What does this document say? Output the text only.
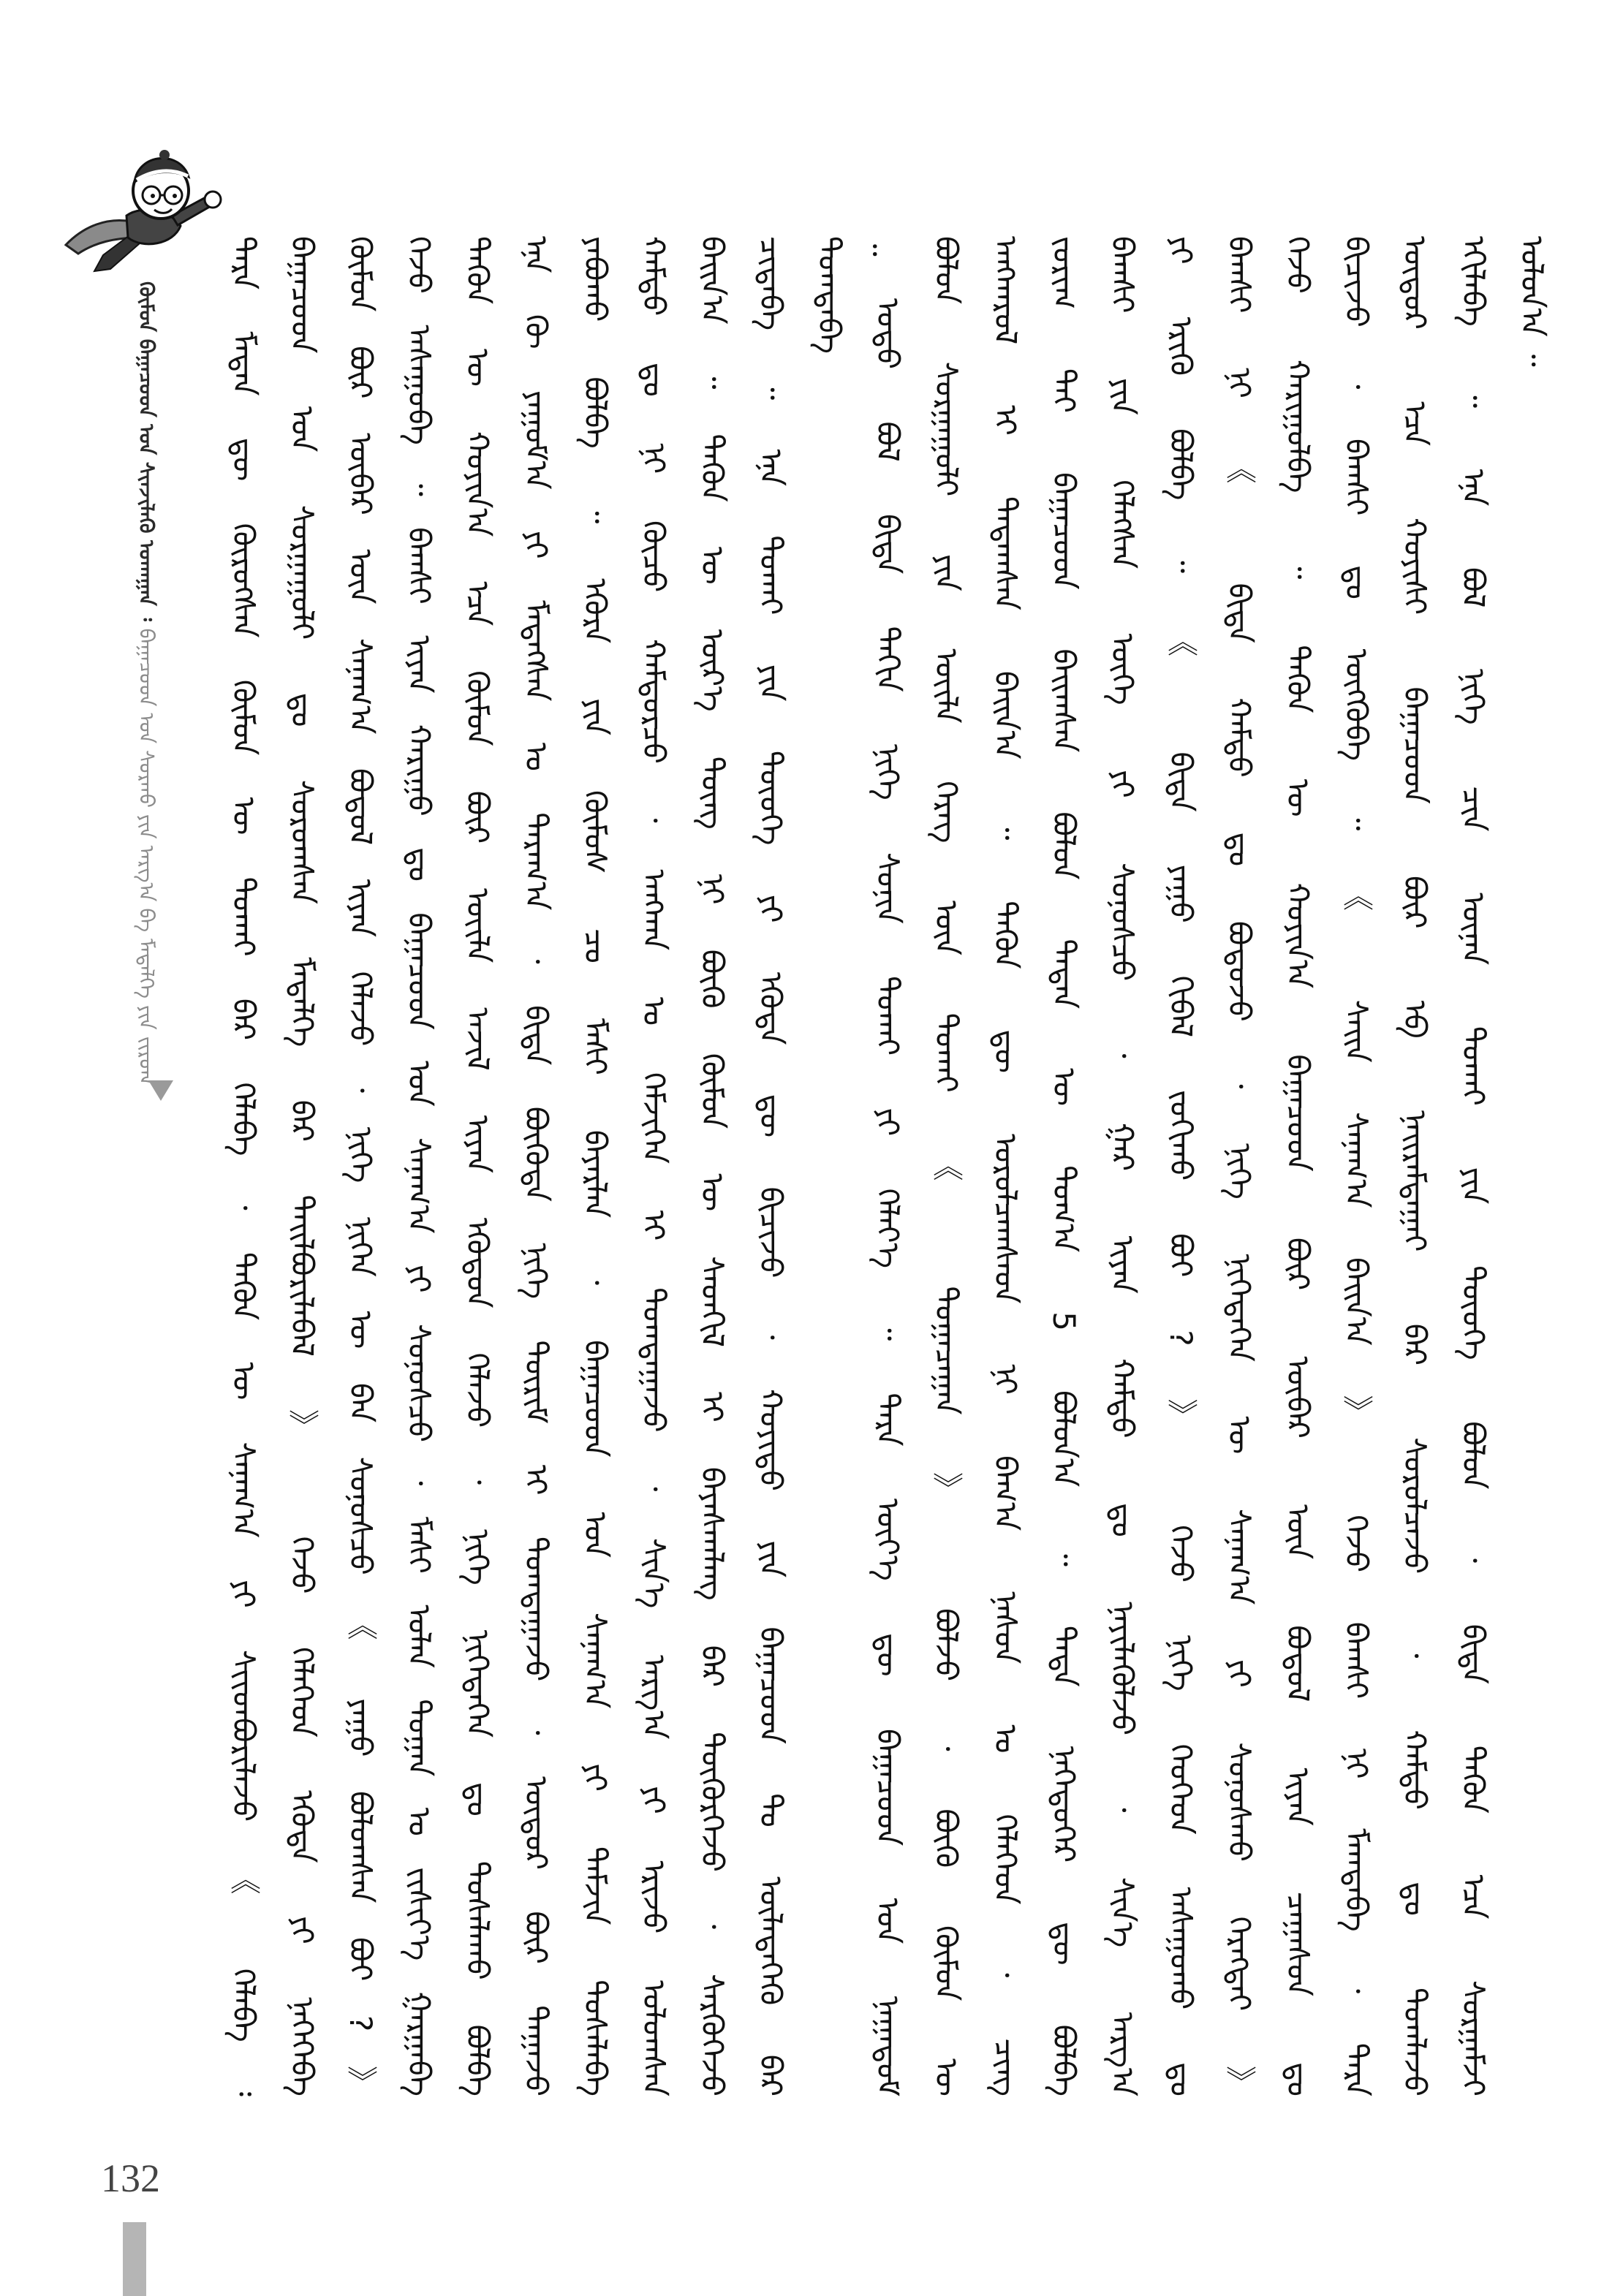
ᠬᠦᠮᠦᠨ ᠪᠠᠭᠠᠴᠤᠳ ᠤᠨ ᠰᠢᠨᠵᠢᠯᠡᠬᠦ ᠤᠬᠠᠭᠠᠨ ᠄ ᠪᠠᠭᠠᠴᠤᠳ ᠤᠨ ᠰᠤᠷᠬᠤ ᠶᠢᠨ ᠠᠷᠭ᠎ᠠ ᠪᠠ ᠮᠡᠳᠡᠯᠭᠡ ᠶᠢᠨ ᠵᠢᠷᠤᠭ ᠲᠡᠷᠡ ᠮᠡᠳᠡᠨ ᠳᠦ ᠬᠦᠷᠦᠭᠰᠡᠨ ᠬᠦᠮᠦᠨ ᠦ ᠲᠤᠬᠠᠢ ᠪᠡᠷ ᠬᠡᠯᠡᠪᠡ ᠂ ᠲᠡᠭᠦᠨ ᠦ ᠰᠠᠨᠠᠭ᠎ᠠ ᠶᠢ ᠰᠢᠢᠳᠪᠦᠷᠢᠯᠡᠵᠦ 《 ᠬᠡᠯᠡᠪᠡ ᠄ ᠪᠠᠭᠠᠴᠤᠳ ᠤᠨ ᠰᠤᠷᠭᠠᠭᠤᠯᠢ ᠳᠤ ᠰᠤᠷᠤᠭᠰᠠᠨ ᠮᠡᠳᠡᠯᠭᠡ ᠪᠡᠷ ᠲᠠᠢᠯᠪᠤᠷᠢᠯᠠᠪᠠᠯ 》 ᠭᠡᠵᠦ ᠬᠡᠯᠡᠭᠡᠳ ᠡᠭᠦᠳᠡ ᠶᠢ ᠨᠡᠭᠡᠭᠡᠪᠡ ᠬᠦᠮᠦᠨ ᠪᠦᠷ ᠦᠪᠡᠷ ᠦᠨ ᠰᠠᠨᠠᠭ᠎ᠠ ᠪᠣᠳᠤᠯ ᠢᠶᠠᠨ ᠬᠡᠯᠡᠵᠦ ᠂ ᠨᠢᠭᠡ ᠨᠢᠭᠡᠨ ᠦ ᠪᠡᠨ ᠰᠣᠨᠣᠰᠴᠤ 《 ᠶᠠᠭᠤ ᠪᠣᠯᠤᠭᠰᠠᠨ ᠪᠤᠢ ? 》 ᠭᠡᠵᠦ ᠠᠰᠠᠭᠤᠪᠠ ᠃ ᠪᠠᠭᠰᠢ ᠢᠶᠠᠨ ᠬᠠᠷᠢᠭᠤ ᠳᠤ ᠪᠠᠭᠠᠴᠤᠳ ᠤᠨ ᠰᠠᠨᠠᠭ᠎ᠠ ᠶᠢ ᠰᠣᠨᠣᠰᠴᠤ ᠂ ᠮᠠᠰᠢ ᠣᠯᠠᠨ ᠲᠣᠭᠠᠨ ᠤ ᠵᠢᠱᠢᠶ᠎ᠡ ᠭᠠᠷᠭᠠᠪᠠ ᠲᠡᠭᠦᠨ ᠦ ᠬᠣᠶᠢᠨ᠎ᠠ ᠡᠴᠡ ᠬᠦᠮᠦᠨ ᠪᠦᠷ ᠦᠢᠯᠡ ᠠᠵᠢᠯ ᠢᠶᠠᠨ ᠡᠭᠦᠳᠦᠨ ᠬᠡᠯᠡᠵᠦ ᠂ ᠨᠢᠭᠡ ᠨᠢᠭᠡᠳᠡᠭᠡᠨ ᠳᠤ ᠲᠤᠰᠠᠯᠠᠬᠤ ᠪᠣᠯᠪᠠ ᠡᠨᠡ ᠬᠦ ᠶᠠᠭᠤᠮ᠎ᠠ ᠶᠢ ᠮᠡᠳᠡᠭᠰᠡᠨ ᠤ ᠳᠠᠷᠠᠭ᠎ᠠ ᠂ ᠪᠢᠳᠡ ᠪᠦᠭᠦᠳᠡ ᠨᠢᠭᠡ ᠳᠦᠷᠢᠮ ᠢ ᠲᠣᠭᠲᠠᠭᠠᠵᠤ ᠂ ᠦᠳᠦᠷ ᠪᠦᠷ ᠳᠠᠭᠠᠵᠤ ᠶᠠᠪᠤᠬᠤ ᠪᠣᠯᠪᠠ ᠃ ᠡᠭᠦᠷᠡ ᠶᠢᠨ ᠬᠦᠮᠦᠰ ᠴᠤ ᠮᠠᠰᠢ ᠪᠠᠶᠠᠷᠯᠠᠨ ᠂ ᠪᠠᠭᠠᠴᠤᠳ ᠤᠨ ᠰᠠᠨᠠᠭ᠎ᠠ ᠶᠢ ᠳᠡᠮᠵᠢᠨ ᠲᠤᠰᠠᠯᠠᠪᠠ ᠬᠠᠮᠲᠤ ᠳᠤ ᠨᠢ ᠬᠦᠴᠦ ᠬᠠᠮᠲᠤᠷᠴᠤ ᠂ ᠠᠩᠬᠠᠨ ᠤ ᠬᠡᠮᠵᠢᠭᠡᠨ ᠢ ᠲᠣᠭᠲᠠᠭᠠᠵᠤ ᠂ ᠰᠢᠨ᠎ᠡ ᠠᠷᠭ᠎ᠠ ᠶᠢ ᠡᠷᠢᠵᠦ ᠣᠯᠤᠭᠰᠠᠨ ᠪᠠᠢᠨ᠎ᠠ ᠃ ᠲᠡᠭᠦᠨ ᠦ ᠦᠷ᠎ᠡ ᠳᠦᠩ ᠨᠢ ᠪᠦᠬᠦ ᠬᠦᠮᠦᠨ ᠦ ᠰᠡᠳᠬᠢᠯ ᠢ ᠪᠠᠶᠠᠰᠬᠠᠯᠠᠩ ᠪᠠᠷ ᠳᠦᠭᠦᠷᠭᠡᠵᠦ ᠂ ᠰᠡᠷᠭᠦᠭᠡᠵᠦ ᠴᠢᠳᠠᠪᠠ ᠃ ᠡᠨᠡ ᠲᠤᠬᠠᠢ ᠶᠢᠨ ᠲᠦᠦᠬᠡ ᠶᠢ ᠡᠭᠦᠳᠡ ᠳᠦ ᠪᠢᠴᠢᠵᠦ ᠂ ᠬᠣᠶᠢᠲᠤ ᠶᠢᠨ ᠪᠠᠭᠠᠴᠤᠳ ᠲᠤ ᠦᠯᠡᠳᠡᠭᠡᠬᠦ ᠪᠡᠷ ᠲᠣᠭᠲᠠᠪᠠ ᠃
ᠣᠳᠣ ᠪᠣᠯ ᠪᠢᠳᠡ ᠳᠠᠬᠢᠨ ᠨᠢᠭᠡ ᠰᠣᠨᠢᠨ ᠲᠤᠬᠠᠢ ᠶᠢ ᠬᠡᠯᠡᠶ᠎ᠡ ᠃ ᠲᠡᠷᠡ ᠦᠶ᠎ᠡ ᠳᠦ ᠪᠠᠭᠠᠴᠤᠳ ᠤᠨ ᠨᠠᠭᠠᠳᠤᠮ ᠪᠣᠯᠤᠨ ᠰᠤᠷᠭᠠᠭᠤᠯᠢ ᠶᠢᠨ ᠦᠢᠯᠡ ᠬᠡᠷᠡᠭ ᠦᠨ ᠲᠤᠬᠠᠢ 《 ᠲᠣᠭᠠᠴᠠᠭᠠᠨ 》 ᠪᠣᠯᠵᠤ ᠂ ᠪᠦᠬᠦ ᠬᠦᠮᠦᠨ ᠦ ᠠᠩᠬᠠᠷᠤᠯ ᠢ ᠲᠠᠲᠠᠭᠰᠠᠨ ᠪᠠᠢᠨ᠎ᠠ ᠃ ᠲᠡᠭᠦᠨ ᠳᠦ ᠣᠷᠣᠯᠴᠠᠭᠰᠠᠳ ᠨᠢ ᠪᠠᠭ᠎ᠠ ᠨᠠᠰᠤᠨ ᠤ ᠬᠡᠯᠡᠭᠡᠳ ᠂ ᠴᠢᠩ ᠵᠣᠷᠢᠭ ᠲᠠᠢ ᠪᠠᠭᠠᠴᠤᠳ ᠪᠠᠢᠭᠰᠠᠨ ᠪᠣᠯᠤᠨ ᠲᠡᠳᠡᠨ ᠦ ᠲᠣᠭ᠎ᠠ 5 ᠪᠣᠯᠤᠨ᠎ᠠ ᠃ ᠲᠡᠳᠡ ᠨᠡᠭᠡᠳᠦᠭᠡᠷ ᠳᠦ ᠪᠣᠯᠪᠠ ᠪᠠᠭᠰᠢ ᠶᠢᠨ ᠬᠡᠯᠡᠭᠰᠡᠨ ᠦᠭᠡ ᠶᠢ ᠰᠣᠨᠣᠰᠴᠤ ᠂ ᠭᠠᠷ ᠢᠶᠠᠨ ᠬᠠᠮᠲᠤ ᠳᠤ ᠨᠡᠶᠢᠯᠡᠭᠦᠯᠵᠦ ᠂ ᠰᠢᠨ᠎ᠡ ᠠᠷᠭ᠎ᠠ ᠶᠢ ᠡᠷᠢᠬᠦ ᠪᠣᠯᠪᠠ ᠃ 《 ᠪᠢᠳᠡ ᠶᠠᠭᠤ ᠬᠢᠪᠡᠯ ᠵᠣᠬᠢᠬᠤ ᠪᠤᠢ ? 》 ᠭᠡᠵᠦ ᠨᠢᠭᠡ ᠬᠡᠦᠬᠡᠳ ᠠᠰᠠᠭᠤᠬᠤ ᠳᠤ ᠪᠠᠭᠰᠢ ᠨᠢ 《 ᠪᠢᠳᠡ ᠬᠠᠮᠲᠤ ᠳᠤ ᠪᠣᠳᠣᠵᠤ ᠂ ᠨᠢᠭᠡ ᠨᠢᠭᠡᠳᠡᠭᠡᠨ ᠦ ᠰᠠᠨᠠᠭ᠎ᠠ ᠶᠢ ᠰᠣᠨᠣᠰᠬᠤ ᠬᠡᠷᠡᠭᠲᠡᠢ 》 ᠭᠡᠵᠦ ᠬᠠᠷᠢᠭᠤᠯᠪᠠ ᠃ ᠲᠡᠭᠦᠨ ᠦ ᠬᠣᠶᠢᠨ᠎ᠠ ᠪᠠᠭᠠᠴᠤᠳ ᠪᠦᠷ ᠦᠪᠡᠷ ᠦᠨ ᠪᠣᠳᠤᠯ ᠢᠶᠠᠨ ᠴᠠᠭᠠᠰᠤᠨ ᠳᠤ ᠪᠢᠴᠢᠵᠦ ᠂ ᠪᠠᠭᠰᠢ ᠳᠤ ᠥᠭᠭᠦᠪᠡ ᠃ 《 ᠰᠠᠢᠨ ᠰᠠᠨᠠᠭ᠎ᠠ ᠪᠠᠢᠨ᠎ᠠ 》 ᠭᠡᠵᠦ ᠪᠠᠭᠰᠢ ᠨᠢ ᠮᠠᠭᠲᠠᠪᠠ ᠂ ᠲᠡᠷᠡ ᠦᠳᠦᠷ ᠡᠴᠡ ᠬᠣᠶᠢᠰᠢ ᠪᠠᠭᠠᠴᠤᠳ ᠪᠦᠷ ᠡᠪ ᠨᠠᠢᠷᠠᠮᠳᠠᠭᠠᠢ ᠪᠠᠷ ᠰᠤᠷᠤᠯᠴᠠᠵᠤ ᠂ ᠬᠠᠮᠲᠤ ᠳᠤ ᠲᠣᠭᠯᠠᠵᠤ ᠡᠬᠢᠯᠡᠪᠡ ᠃ ᠡᠨᠡ ᠪᠣᠯ ᠨᠢᠭᠡ ᠴᠢᠨ ᠦᠨᠡᠨ ᠲᠤᠬᠠᠢ ᠶᠢᠨ ᠲᠦᠦᠬᠡ ᠪᠣᠯᠤᠨ ᠂ ᠪᠢᠳᠡ ᠲᠡᠭᠦᠨ ᠡᠴᠡ ᠰᠤᠷᠭᠠᠮᠵᠢ ᠣᠯᠤᠨ᠎ᠠ ᠃
132
